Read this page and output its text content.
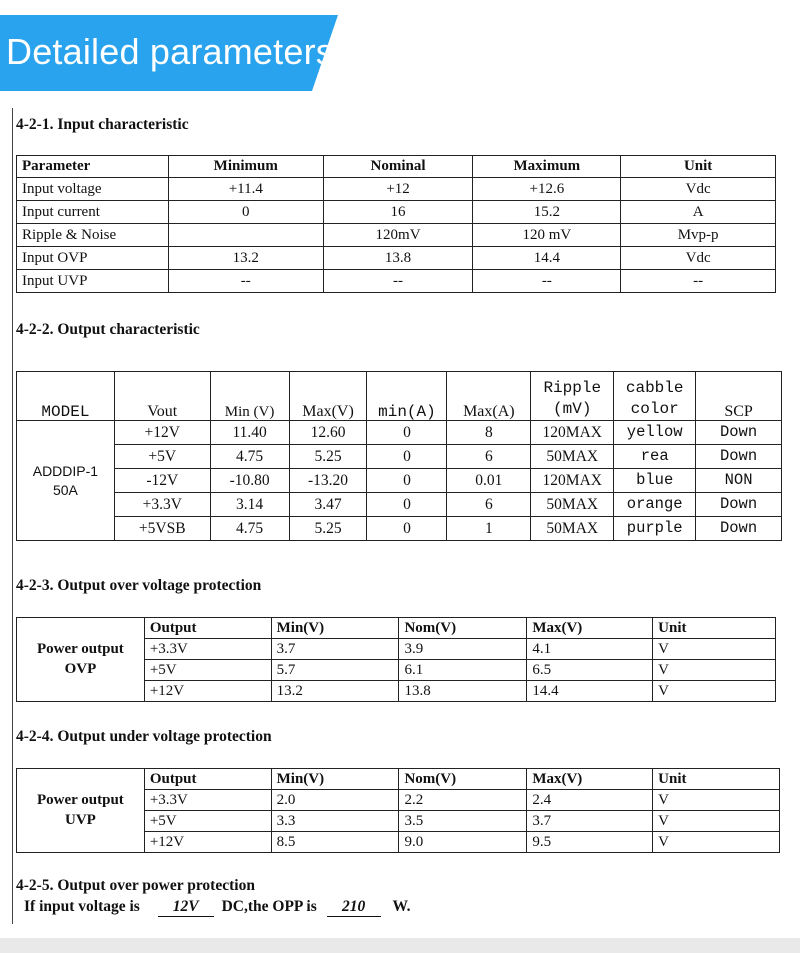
Detailed parameters
4-2-1. Input characteristic
Parameter	Minimum	Nominal	Maximum	Unit
Input voltage	+11.4	+12	+12.6	Vdc
Input current	0	16	15.2	A
Ripple & Noise		120mV	120 mV	Mvp-p
Input OVP	13.2	13.8	14.4	Vdc
Input UVP	--	--	--	--
4-2-2. Output characteristic
MODEL	Vout	Min (V)	Max(V)	min(A)	Max(A)	Ripple (mV)	cabble color	SCP
ADDDIP-1 50A	+12V	11.40	12.60	0	8	120MAX	yellow	Down
	+5V	4.75	5.25	0	6	50MAX	rea	Down
	-12V	-10.80	-13.20	0	0.01	120MAX	blue	NON
	+3.3V	3.14	3.47	0	6	50MAX	orange	Down
	+5VSB	4.75	5.25	0	1	50MAX	purple	Down
4-2-3. Output over voltage protection
Power output OVP	Output	Min(V)	Nom(V)	Max(V)	Unit
	+3.3V	3.7	3.9	4.1	V
	+5V	5.7	6.1	6.5	V
	+12V	13.2	13.8	14.4	V
4-2-4. Output under voltage protection
Power output UVP	Output	Min(V)	Nom(V)	Max(V)	Unit
	+3.3V	2.0	2.2	2.4	V
	+5V	3.3	3.5	3.7	V
	+12V	8.5	9.0	9.5	V
4-2-5. Output over power protection
If input voltage is 12V DC,the OPP is 210 W.
